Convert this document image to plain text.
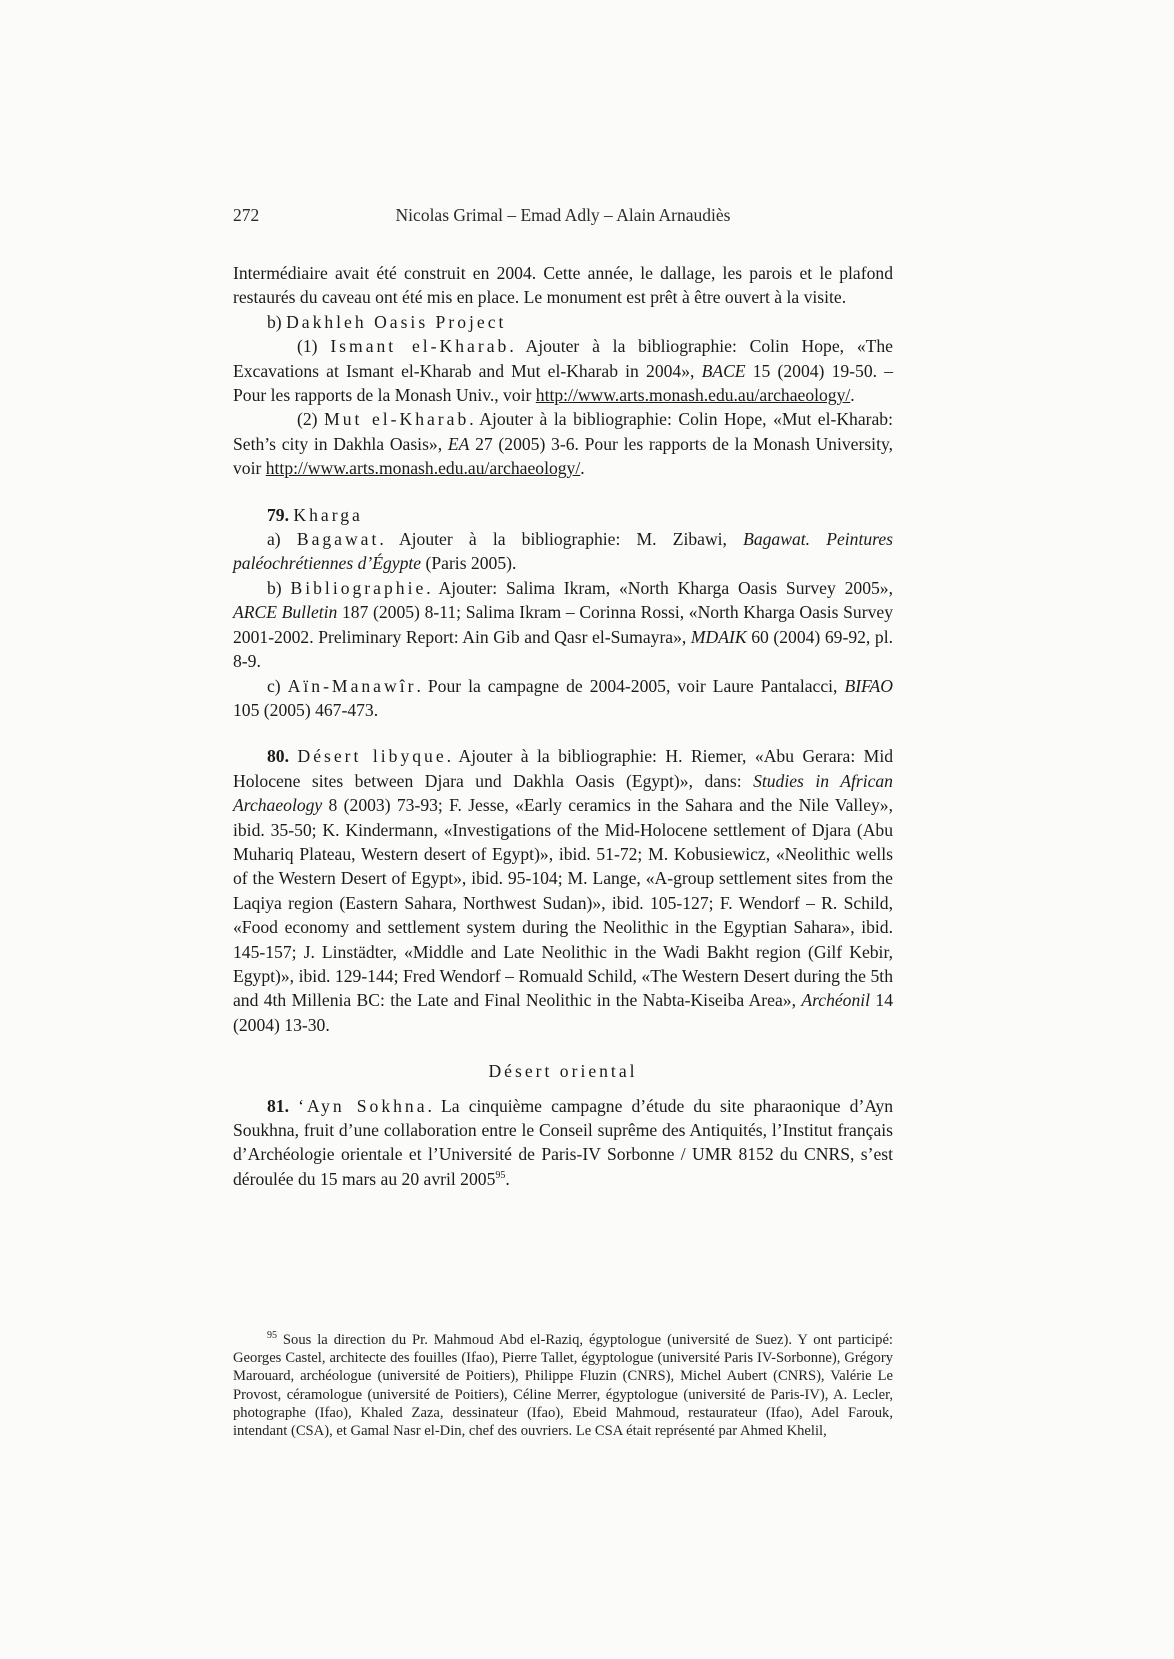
272	Nicolas Grimal – Emad Adly – Alain Arnaudiès

Intermédiaire avait été construit en 2004. Cette année, le dallage, les parois et le plafond restaurés du caveau ont été mis en place. Le monument est prêt à être ouvert à la visite.

b) Dakhleh Oasis Project

(1) Ismant el-Kharab. Ajouter à la bibliographie: Colin Hope, «The Excavations at Ismant el-Kharab and Mut el-Kharab in 2004», BACE 15 (2004) 19-50. – Pour les rapports de la Monash Univ., voir http://www.arts.monash.edu.au/archaeology/.

(2) Mut el-Kharab. Ajouter à la bibliographie: Colin Hope, «Mut el-Kharab: Seth’s city in Dakhla Oasis», EA 27 (2005) 3-6. Pour les rapports de la Monash University, voir http://www.arts.monash.edu.au/archaeology/.

79. Kharga

a) Bagawat. Ajouter à la bibliographie: M. Zibawi, Bagawat. Peintures paléochrétiennes d’Égypte (Paris 2005).

b) Bibliographie. Ajouter: Salima Ikram, «North Kharga Oasis Survey 2005», ARCE Bulletin 187 (2005) 8-11; Salima Ikram – Corinna Rossi, «North Kharga Oasis Survey 2001-2002. Preliminary Report: Ain Gib and Qasr el-Sumayra», MDAIK 60 (2004) 69-92, pl. 8-9.

c) Aïn-Manawîr. Pour la campagne de 2004-2005, voir Laure Pantalacci, BIFAO 105 (2005) 467-473.

80. Désert libyque. Ajouter à la bibliographie: H. Riemer, «Abu Gerara: Mid Holocene sites between Djara und Dakhla Oasis (Egypt)», dans: Studies in African Archaeology 8 (2003) 73-93; F. Jesse, «Early ceramics in the Sahara and the Nile Valley», ibid. 35-50; K. Kindermann, «Investigations of the Mid-Holocene settlement of Djara (Abu Muhariq Plateau, Western desert of Egypt)», ibid. 51-72; M. Kobusiewicz, «Neolithic wells of the Western Desert of Egypt», ibid. 95-104; M. Lange, «A-group settlement sites from the Laqiya region (Eastern Sahara, Northwest Sudan)», ibid. 105-127; F. Wendorf – R. Schild, «Food economy and settlement system during the Neolithic in the Egyptian Sahara», ibid. 145-157; J. Linstädter, «Middle and Late Neolithic in the Wadi Bakht region (Gilf Kebir, Egypt)», ibid. 129-144; Fred Wendorf – Romuald Schild, «The Western Desert during the 5th and 4th Millenia BC: the Late and Final Neolithic in the Nabta-Kiseiba Area», Archéonil 14 (2004) 13-30.

Désert oriental

81. ‘Ayn Sokhna. La cinquième campagne d’étude du site pharaonique d’Ayn Soukhna, fruit d’une collaboration entre le Conseil suprême des Antiquités, l’Institut français d’Archéologie orientale et l’Université de Paris-IV Sorbonne / UMR 8152 du CNRS, s’est déroulée du 15 mars au 20 avril 2005$^{95}$.

$^{95}$ Sous la direction du Pr. Mahmoud Abd el-Raziq, égyptologue (université de Suez). Y ont participé: Georges Castel, architecte des fouilles (Ifao), Pierre Tallet, égyptologue (université Paris IV-Sorbonne), Grégory Marouard, archéologue (université de Poitiers), Philippe Fluzin (CNRS), Michel Aubert (CNRS), Valérie Le Provost, céramologue (université de Poitiers), Céline Merrer, égyptologue (université de Paris-IV), A. Lecler, photographe (Ifao), Khaled Zaza, dessinateur (Ifao), Ebeid Mahmoud, restaurateur (Ifao), Adel Farouk, intendant (CSA), et Gamal Nasr el-Din, chef des ouvriers. Le CSA était représenté par Ahmed Khelil,
